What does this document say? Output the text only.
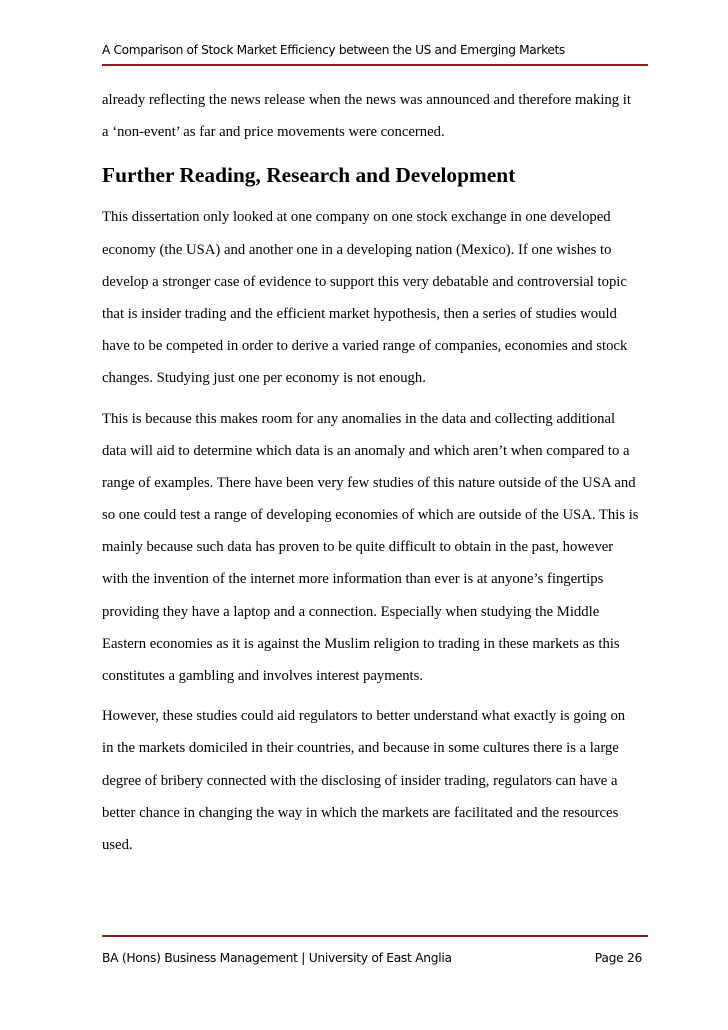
A Comparison of Stock Market Efficiency between the US and Emerging Markets

already reflecting the news release when the news was announced and therefore making it
a ‘non-event’ as far and price movements were concerned.

Further Reading, Research and Development

This dissertation only looked at one company on one stock exchange in one developed
economy (the USA) and another one in a developing nation (Mexico). If one wishes to
develop a stronger case of evidence to support this very debatable and controversial topic
that is insider trading and the efficient market hypothesis, then a series of studies would
have to be competed in order to derive a varied range of companies, economies and stock
changes. Studying just one per economy is not enough.

This is because this makes room for any anomalies in the data and collecting additional
data will aid to determine which data is an anomaly and which aren’t when compared to a
range of examples. There have been very few studies of this nature outside of the USA and
so one could test a range of developing economies of which are outside of the USA. This is
mainly because such data has proven to be quite difficult to obtain in the past, however
with the invention of the internet more information than ever is at anyone’s fingertips
providing they have a laptop and a connection. Especially when studying the Middle
Eastern economies as it is against the Muslim religion to trading in these markets as this
constitutes a gambling and involves interest payments.

However, these studies could aid regulators to better understand what exactly is going on
in the markets domiciled in their countries, and because in some cultures there is a large
degree of bribery connected with the disclosing of insider trading, regulators can have a
better chance in changing the way in which the markets are facilitated and the resources
used.

BA (Hons) Business Management | University of East Anglia	Page 26
